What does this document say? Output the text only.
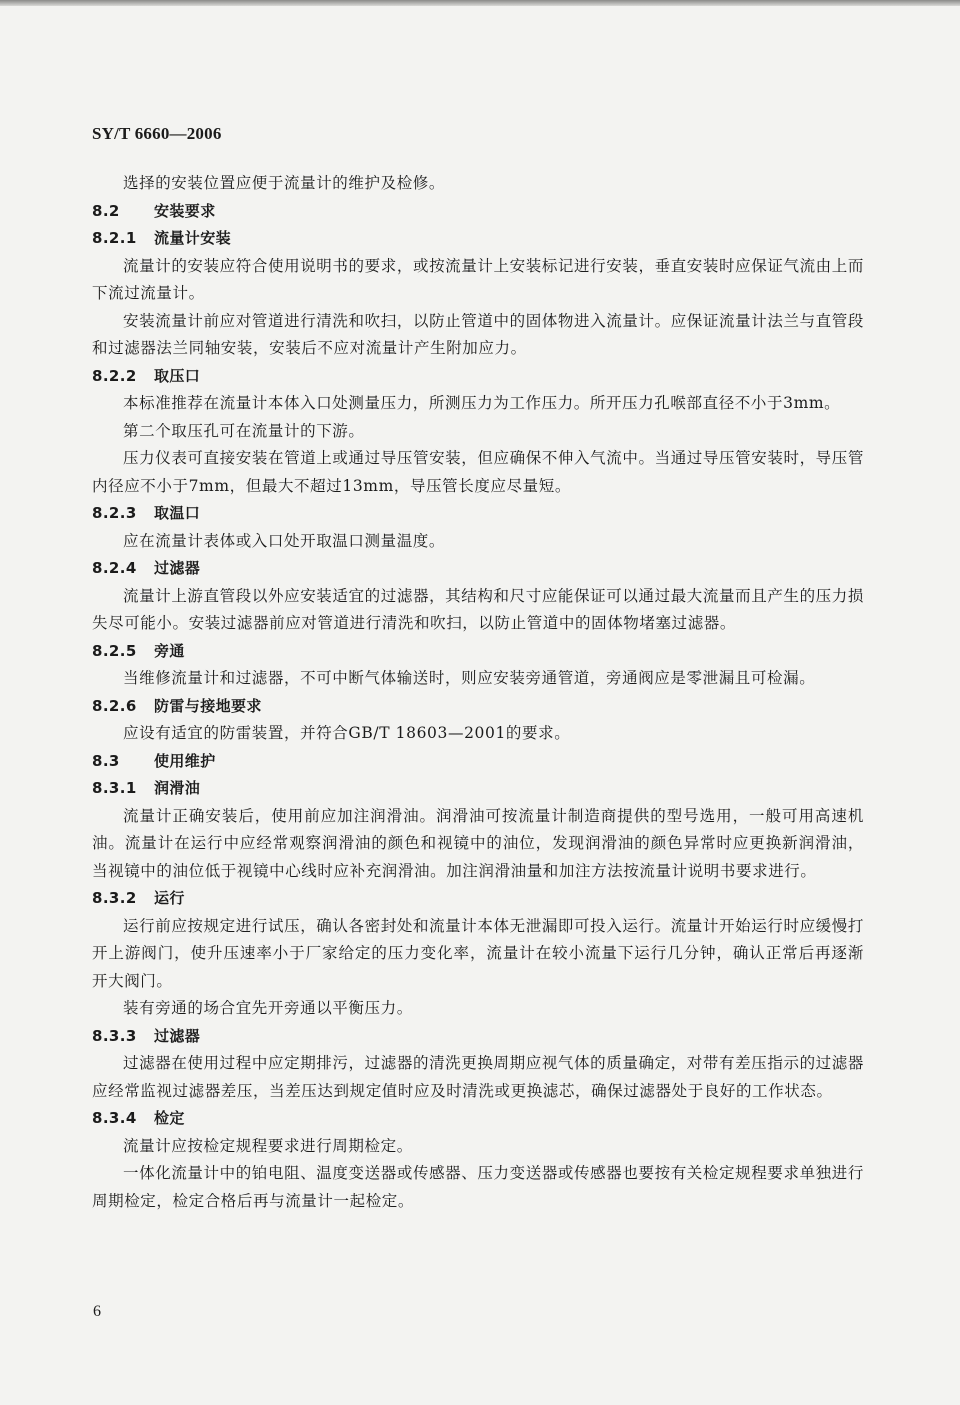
SY/T 6660—2006

选择的安装位置应便于流量计的维护及检修。

8.2 安装要求

8.2.1 流量计安装

流量计的安装应符合使用说明书的要求，或按流量计上安装标记进行安装，垂直安装时应保证气流由上而下流过流量计。

安装流量计前应对管道进行清洗和吹扫，以防止管道中的固体物进入流量计。应保证流量计法兰与直管段和过滤器法兰同轴安装，安装后不应对流量计产生附加应力。

8.2.2 取压口

本标准推荐在流量计本体入口处测量压力，所测压力为工作压力。所开压力孔喉部直径不小于3mm。

第二个取压孔可在流量计的下游。

压力仪表可直接安装在管道上或通过导压管安装，但应确保不伸入气流中。当通过导压管安装时，导压管内径应不小于7mm，但最大不超过13mm，导压管长度应尽量短。

8.2.3 取温口

应在流量计表体或入口处开取温口测量温度。

8.2.4 过滤器

流量计上游直管段以外应安装适宜的过滤器，其结构和尺寸应能保证可以通过最大流量而且产生的压力损失尽可能小。安装过滤器前应对管道进行清洗和吹扫，以防止管道中的固体物堵塞过滤器。

8.2.5 旁通

当维修流量计和过滤器，不可中断气体输送时，则应安装旁通管道，旁通阀应是零泄漏且可检漏。

8.2.6 防雷与接地要求

应设有适宜的防雷装置，并符合GB/T 18603—2001的要求。

8.3 使用维护

8.3.1 润滑油

流量计正确安装后，使用前应加注润滑油。润滑油可按流量计制造商提供的型号选用，一般可用高速机油。流量计在运行中应经常观察润滑油的颜色和视镜中的油位，发现润滑油的颜色异常时应更换新润滑油，当视镜中的油位低于视镜中心线时应补充润滑油。加注润滑油量和加注方法按流量计说明书要求进行。

8.3.2 运行

运行前应按规定进行试压，确认各密封处和流量计本体无泄漏即可投入运行。流量计开始运行时应缓慢打开上游阀门，使升压速率小于厂家给定的压力变化率，流量计在较小流量下运行几分钟，确认正常后再逐渐开大阀门。

装有旁通的场合宜先开旁通以平衡压力。

8.3.3 过滤器

过滤器在使用过程中应定期排污，过滤器的清洗更换周期应视气体的质量确定，对带有差压指示的过滤器应经常监视过滤器差压，当差压达到规定值时应及时清洗或更换滤芯，确保过滤器处于良好的工作状态。

8.3.4 检定

流量计应按检定规程要求进行周期检定。

一体化流量计中的铂电阻、温度变送器或传感器、压力变送器或传感器也要按有关检定规程要求单独进行周期检定，检定合格后再与流量计一起检定。

6
